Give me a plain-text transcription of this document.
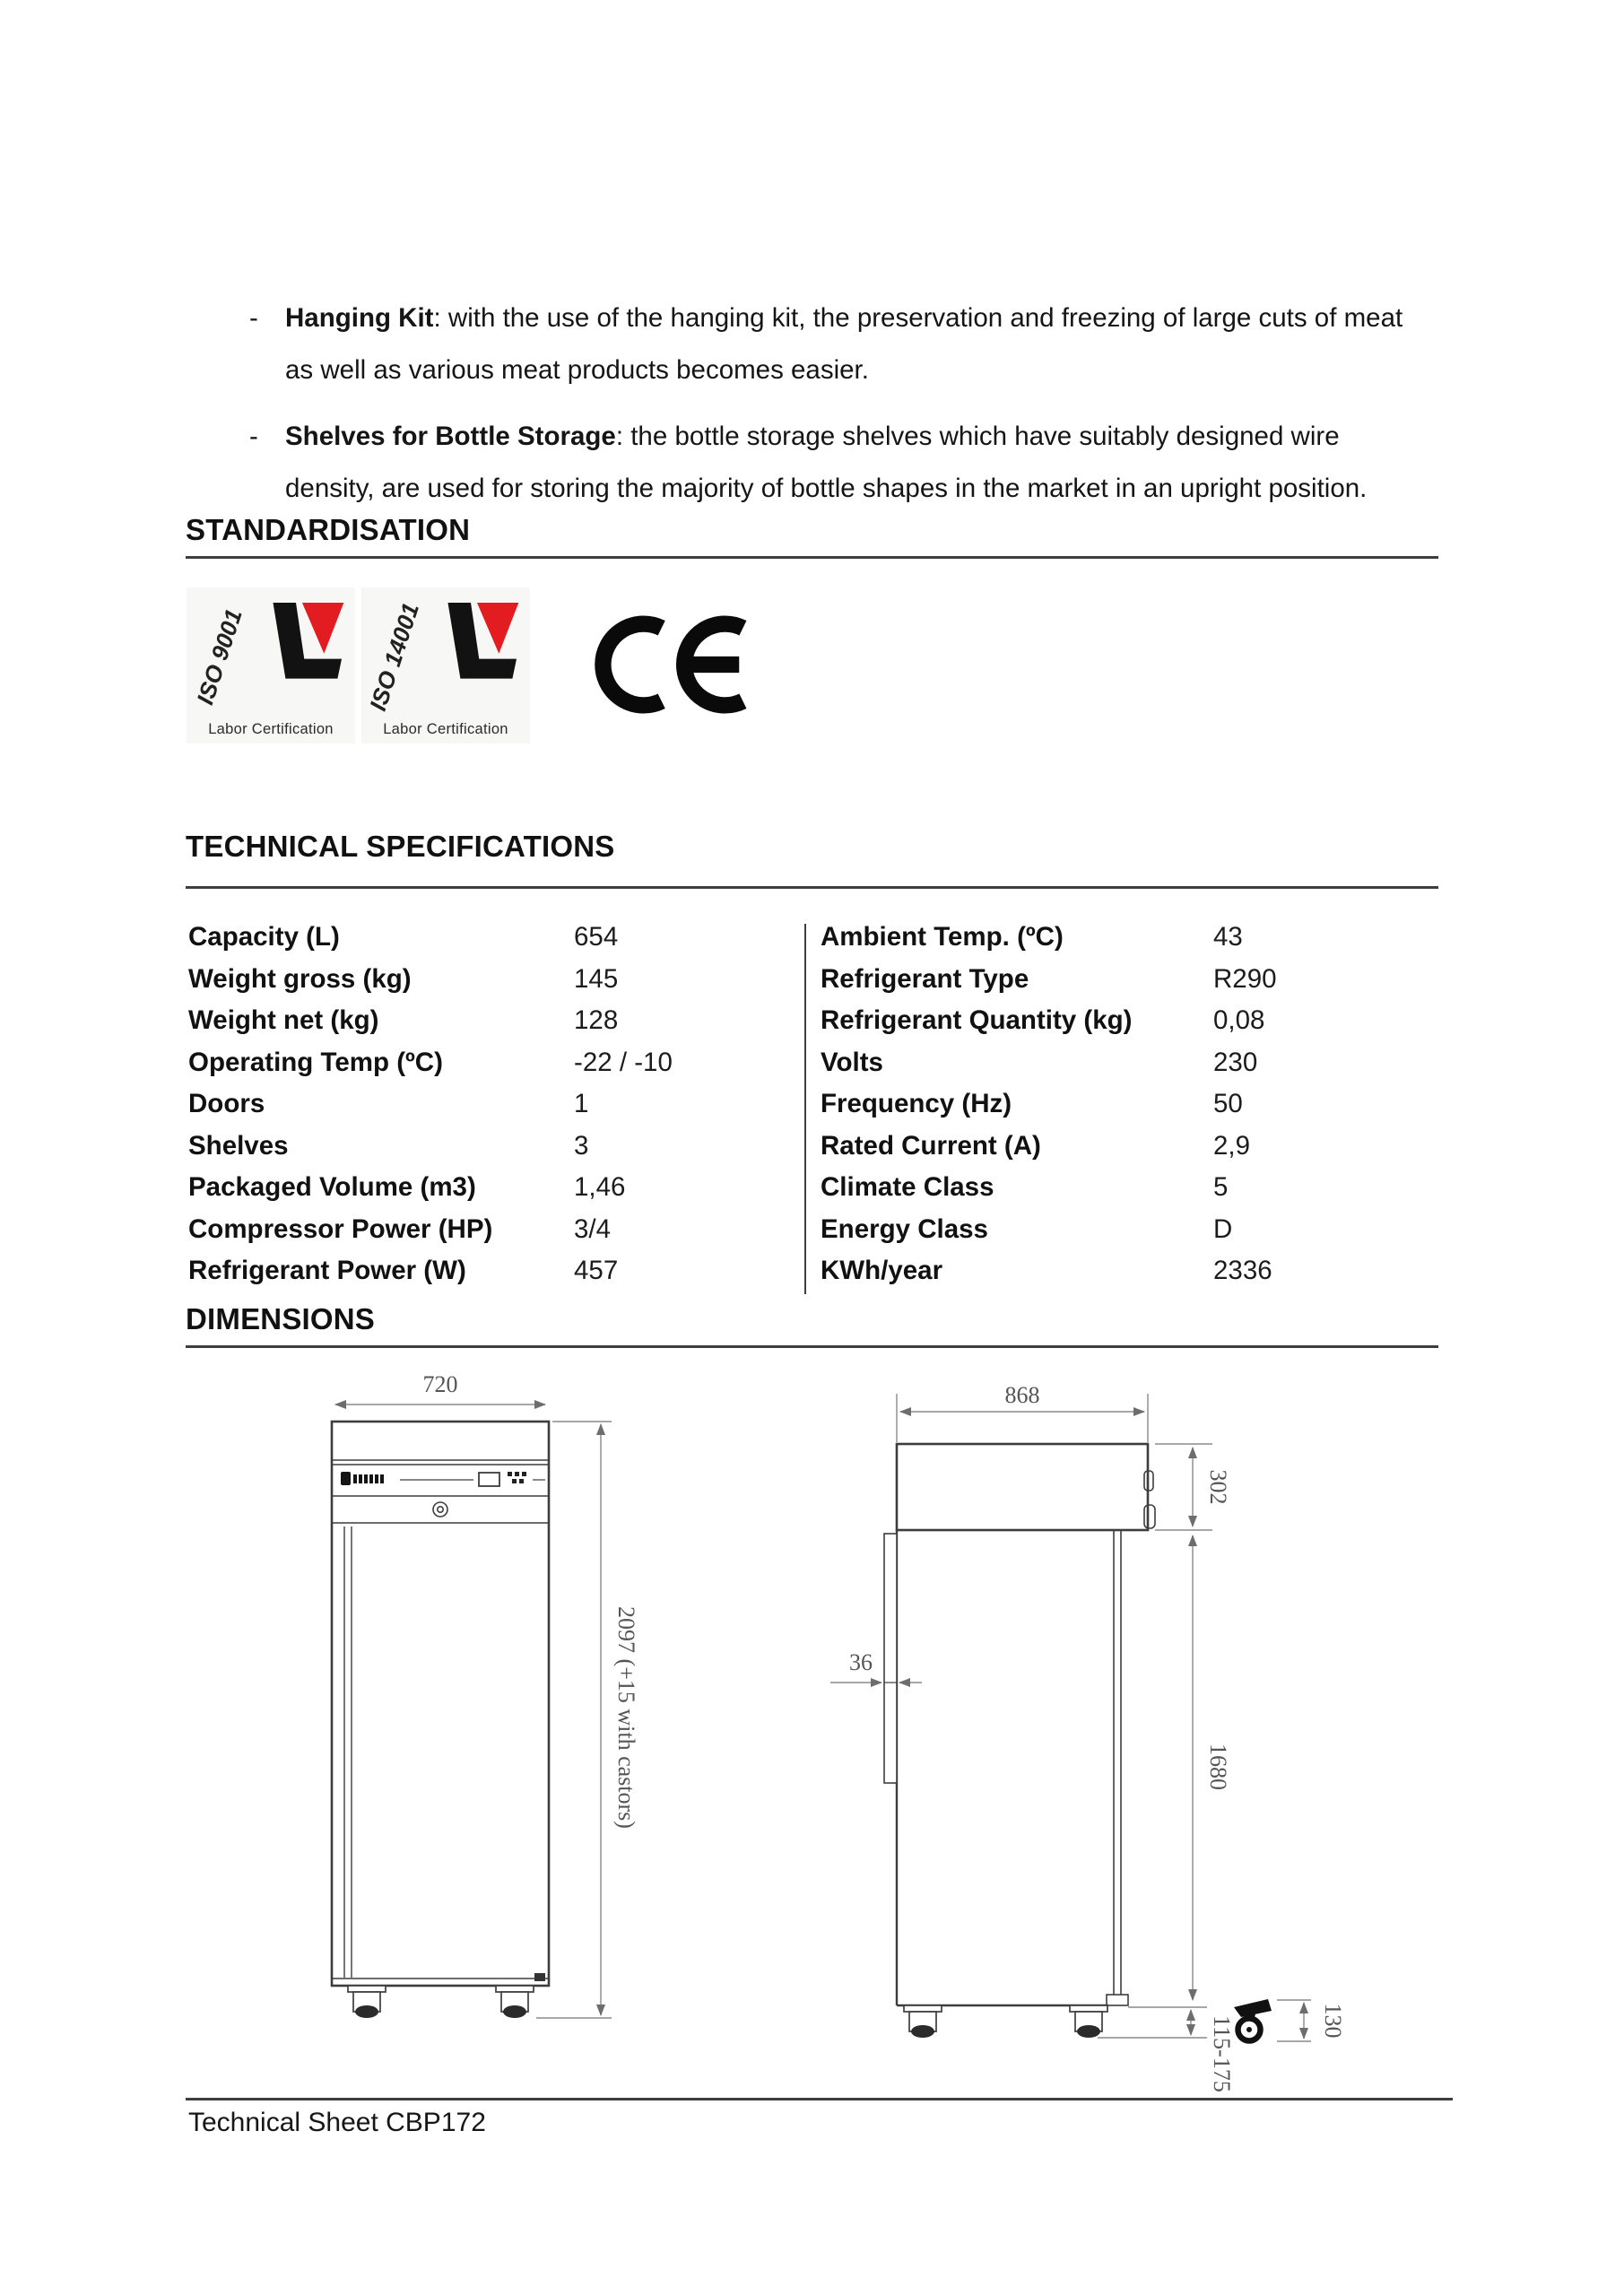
-	Hanging Kit: with the use of the hanging kit, the preservation and freezing of large cuts of meat as well as various meat products becomes easier.
-	Shelves for Bottle Storage: the bottle storage shelves which have suitably designed wire density, are used for storing the majority of bottle shapes in the market in an upright position.
STANDARDISATION
ISO 9001
Labor Certification
ISO 14001
Labor Certification
TECHNICAL SPECIFICATIONS
Capacity (L)	654
Weight gross (kg)	145
Weight net (kg)	128
Operating Temp (ºC)	-22 / -10
Doors	1
Shelves	3
Packaged Volume (m3)	1,46
Compressor Power (HP)	3/4
Refrigerant Power (W)	457
Ambient Temp. (ºC)	43
Refrigerant Type	R290
Refrigerant Quantity (kg)	0,08
Volts	230
Frequency (Hz)	50
Rated Current (A)	2,9
Climate Class	5
Energy Class	D
KWh/year	2336
DIMENSIONS
720
2097 (+15 with castors)
868
302
36
1680
115-175	130
Technical Sheet CBP172
